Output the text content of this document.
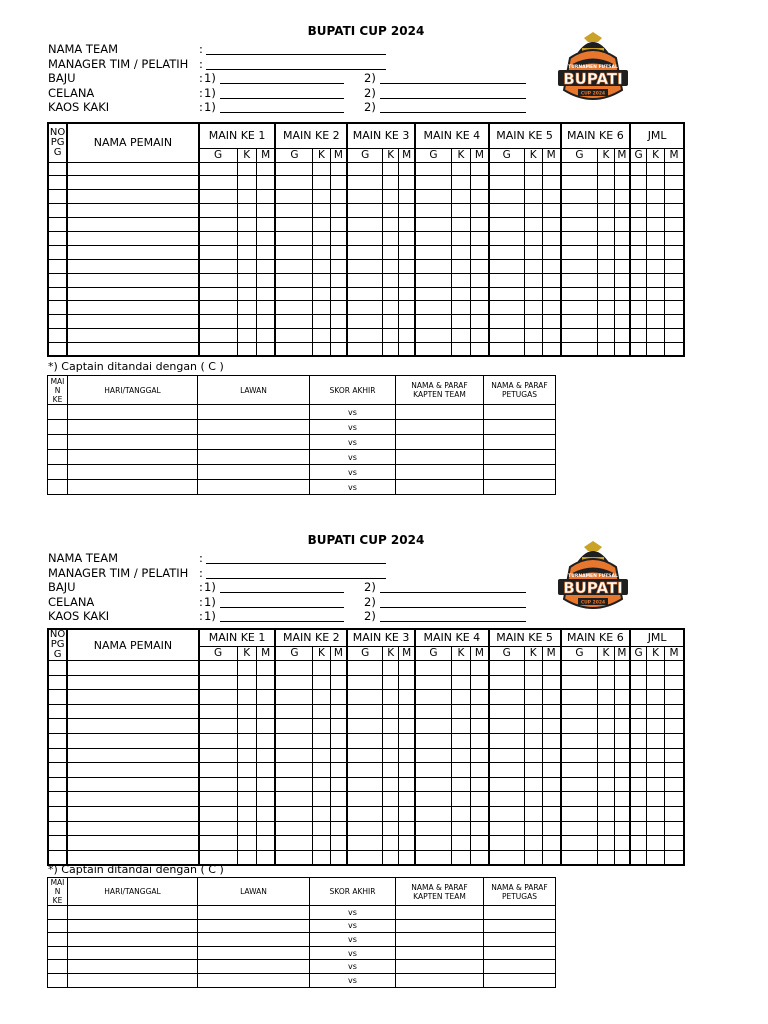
BUPATI CUP 2024
TURNAMEN FUTSAL
BUPATI
CUP 2024
NAMA TEAM	:
MANAGER TIM / PELATIH :
BAJU	: 1)	2)
CELANA	: 1)	2)
KAOS KAKI	: 1)	2)
NO
PG
G	NAMA PEMAIN	MAIN KE 1			MAIN KE 2			MAIN KE 3			MAIN KE 4			MAIN KE 5			MAIN KE 6			JML		
		G	K	M	G	K	M	G	K	M	G	K	M	G	K	M	G	K	M	G	K	M

*) Captain ditandai dengan ( C )
MAI
N
KE	HARI/TANGGAL	LAWAN	SKOR AKHIR	NAMA & PARAF KAPTEN TEAM	NAMA & PARAF PETUGAS
			vs		
			vs		
			vs		
			vs		
			vs		
			vs		
BUPATI CUP 2024
TURNAMEN FUTSAL
BUPATI
CUP 2024
NAMA TEAM	:
MANAGER TIM / PELATIH :
BAJU	: 1)	2)
CELANA	: 1)	2)
KAOS KAKI	: 1)	2)
NO
PG
G	NAMA PEMAIN	MAIN KE 1			MAIN KE 2			MAIN KE 3			MAIN KE 4			MAIN KE 5			MAIN KE 6			JML		
		G	K	M	G	K	M	G	K	M	G	K	M	G	K	M	G	K	M	G	K	M

*) Captain ditandai dengan ( C )
MAI
N
KE	HARI/TANGGAL	LAWAN	SKOR AKHIR	NAMA & PARAF KAPTEN TEAM	NAMA & PARAF PETUGAS
			vs		
			vs		
			vs		
			vs		
			vs		
			vs		
